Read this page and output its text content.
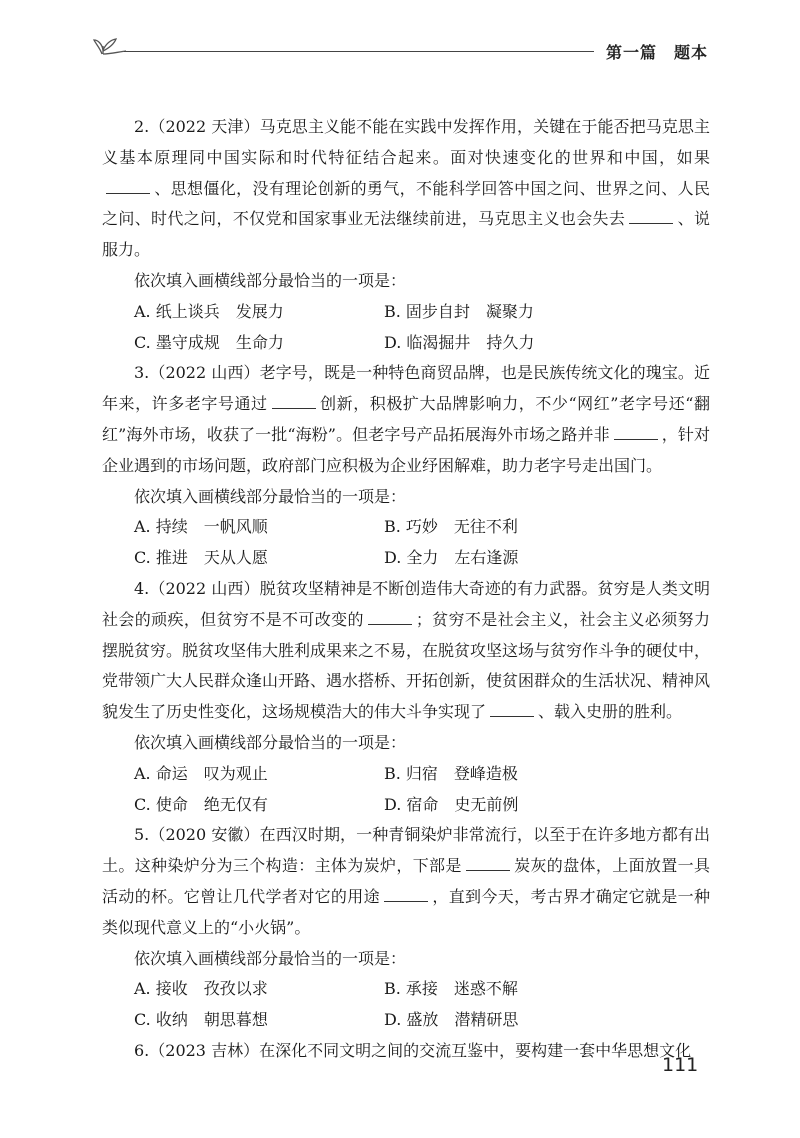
第一篇　题本

2.（2022 天津）马克思主义能不能在实践中发挥作用，关键在于能否把马克思主义基本原理同中国实际和时代特征结合起来。面对快速变化的世界和中国，如果、思想僵化，没有理论创新的勇气，不能科学回答中国之问、世界之问、人民之问、时代之问，不仅党和国家事业无法继续前进，马克思主义也会失去	、说服力。

依次填入画横线部分最恰当的一项是：

A. 纸上谈兵　发展力	B. 固步自封　凝聚力
C. 墨守成规　生命力	D. 临渴掘井　持久力

3.（2022 山西）老字号，既是一种特色商贸品牌，也是民族传统文化的瑰宝。近年来，许多老字号通过	创新，积极扩大品牌影响力，不少“网红”老字号还“翻红”海外市场，收获了一批“海粉”。但老字号产品拓展海外市场之路并非	，针对企业遇到的市场问题，政府部门应积极为企业纾困解难，助力老字号走出国门。

依次填入画横线部分最恰当的一项是：

A. 持续　一帆风顺	B. 巧妙　无往不利
C. 推进　天从人愿	D. 全力　左右逢源

4.（2022 山西）脱贫攻坚精神是不断创造伟大奇迹的有力武器。贫穷是人类文明社会的顽疾，但贫穷不是不可改变的	；贫穷不是社会主义，社会主义必须努力摆脱贫穷。脱贫攻坚伟大胜利成果来之不易，在脱贫攻坚这场与贫穷作斗争的硬仗中，党带领广大人民群众逢山开路、遇水搭桥、开拓创新，使贫困群众的生活状况、精神风貌发生了历史性变化，这场规模浩大的伟大斗争实现了	、载入史册的胜利。

依次填入画横线部分最恰当的一项是：

A. 命运　叹为观止	B. 归宿　登峰造极
C. 使命　绝无仅有	D. 宿命　史无前例

5.（2020 安徽）在西汉时期，一种青铜染炉非常流行，以至于在许多地方都有出土。这种染炉分为三个构造：主体为炭炉，下部是	炭灰的盘体，上面放置一具活动的杯。它曾让几代学者对它的用途	，直到今天，考古界才确定它就是一种类似现代意义上的“小火锅”。

依次填入画横线部分最恰当的一项是：

A. 接收　孜孜以求	B. 承接　迷惑不解
C. 收纳　朝思暮想	D. 盛放　潜精研思

6.（2023 吉林）在深化不同文明之间的交流互鉴中，要构建一套中华思想文化

111
